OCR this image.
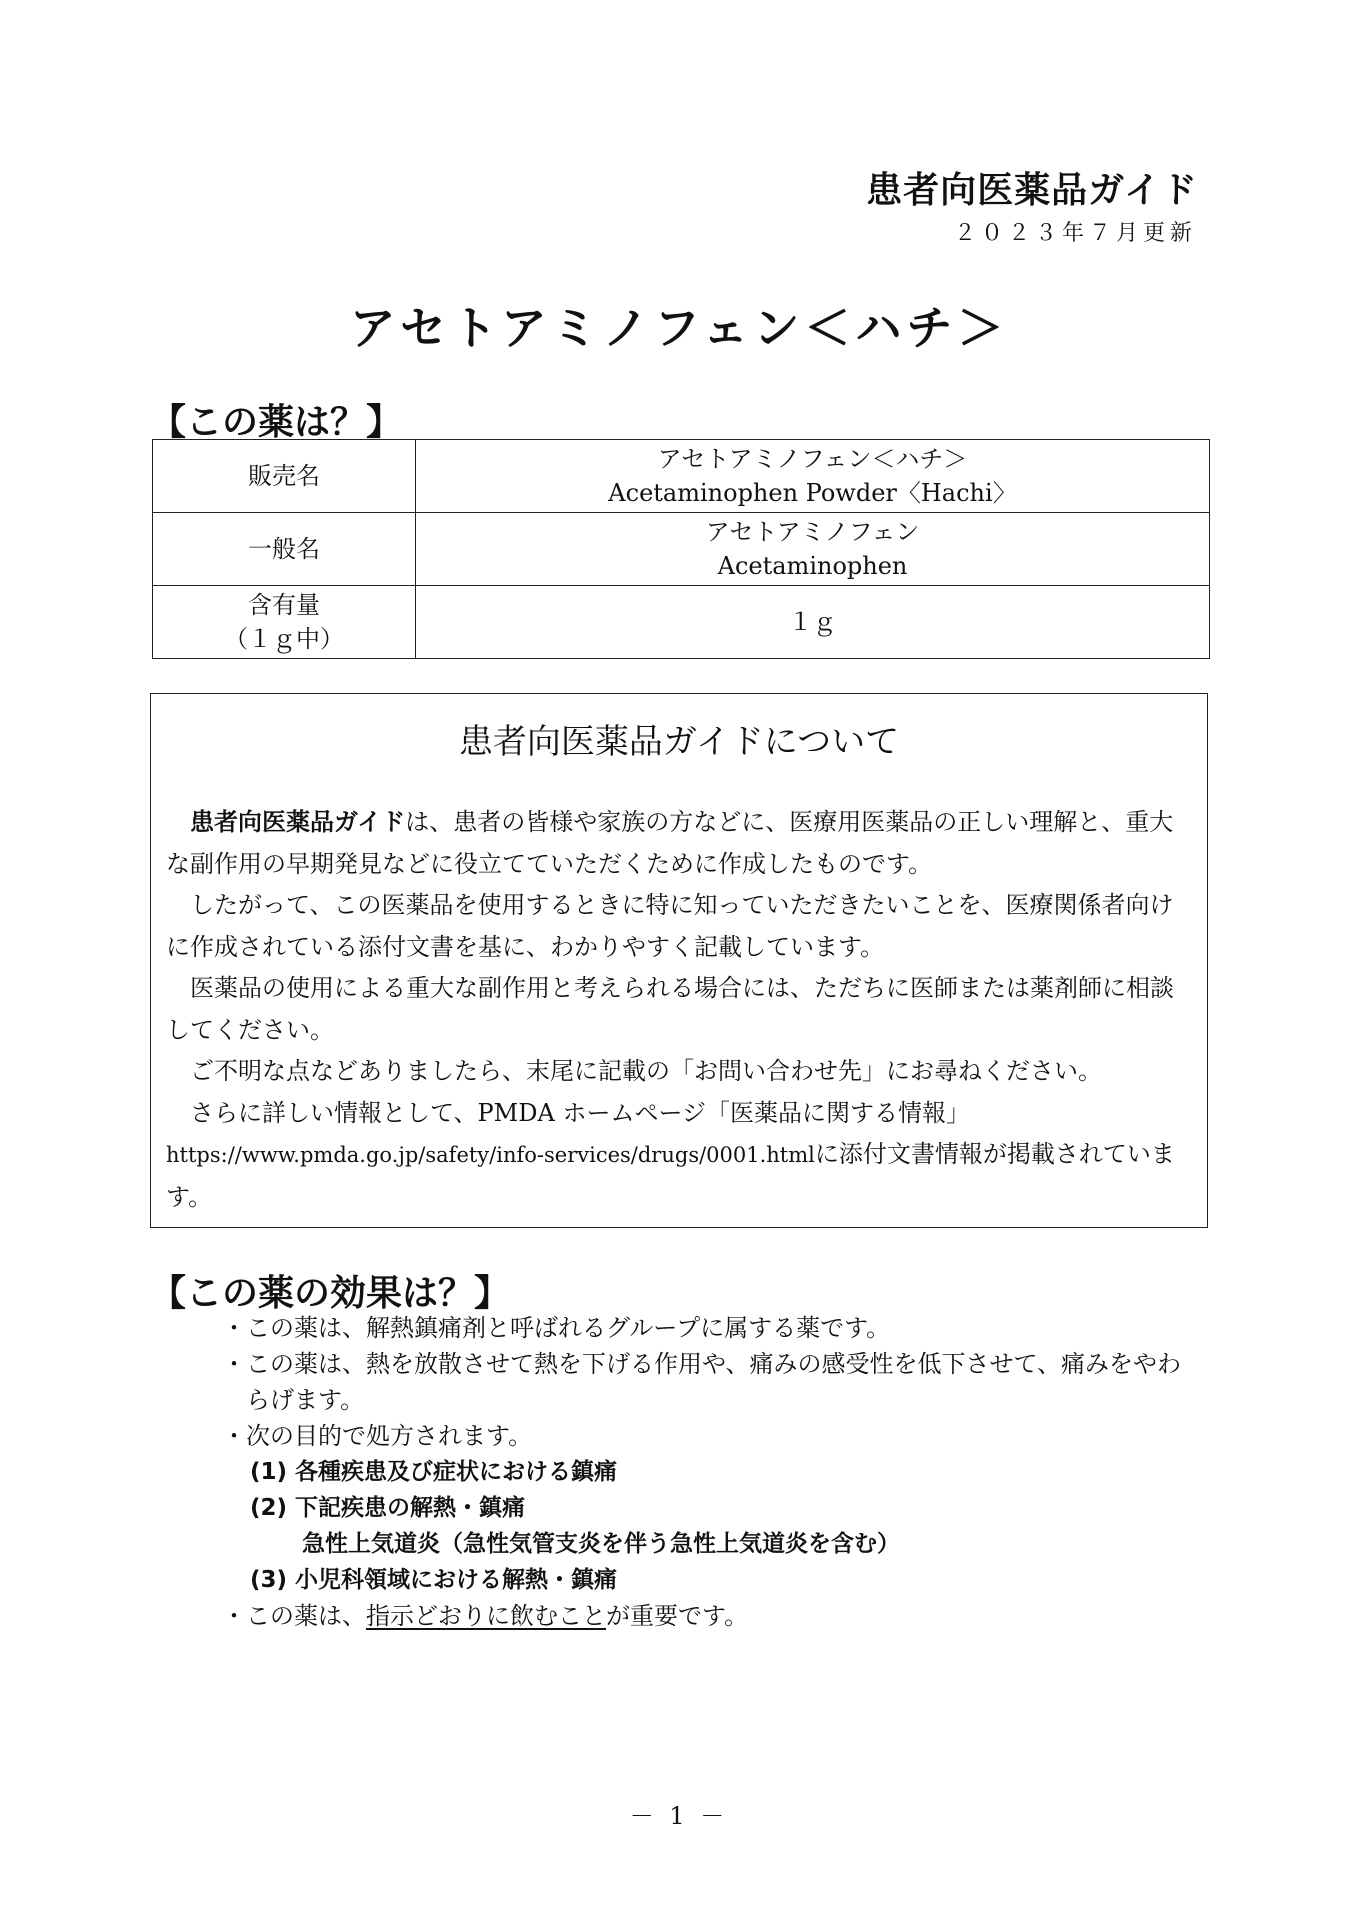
患者向医薬品ガイド
２０２３年７月更新
アセトアミノフェン＜ハチ＞
【この薬は？】
販売名	アセトアミノフェン＜ハチ＞
Acetaminophen Powder〈Hachi〉

一般名	アセトアミノフェン
Acetaminophen

含有量
（１ｇ中）	１ｇ
患者向医薬品ガイドについて

患者向医薬品ガイドは、患者の皆様や家族の方などに、医療用医薬品の正しい理解と、重大な副作用の早期発見などに役立てていただくために作成したものです。

したがって、この医薬品を使用するときに特に知っていただきたいことを、医療関係者向けに作成されている添付文書を基に、わかりやすく記載しています。

医薬品の使用による重大な副作用と考えられる場合には、ただちに医師または薬剤師に相談してください。

ご不明な点などありましたら、末尾に記載の「お問い合わせ先」にお尋ねください。

さらに詳しい情報として、PMDA ホームページ「医薬品に関する情報」https://www.pmda.go.jp/safety/info-services/drugs/0001.htmlに添付文書情報が掲載されています。

【この薬の効果は？】
・この薬は、解熱鎮痛剤と呼ばれるグループに属する薬です。
・この薬は、熱を放散させて熱を下げる作用や、痛みの感受性を低下させて、痛みをやわらげます。
・次の目的で処方されます。
(1) 各種疾患及び症状における鎮痛
(2) 下記疾患の解熱・鎮痛
急性上気道炎（急性気管支炎を伴う急性上気道炎を含む）
(3) 小児科領域における解熱・鎮痛
・この薬は、指示どおりに飲むことが重要です。
－ 1 －
